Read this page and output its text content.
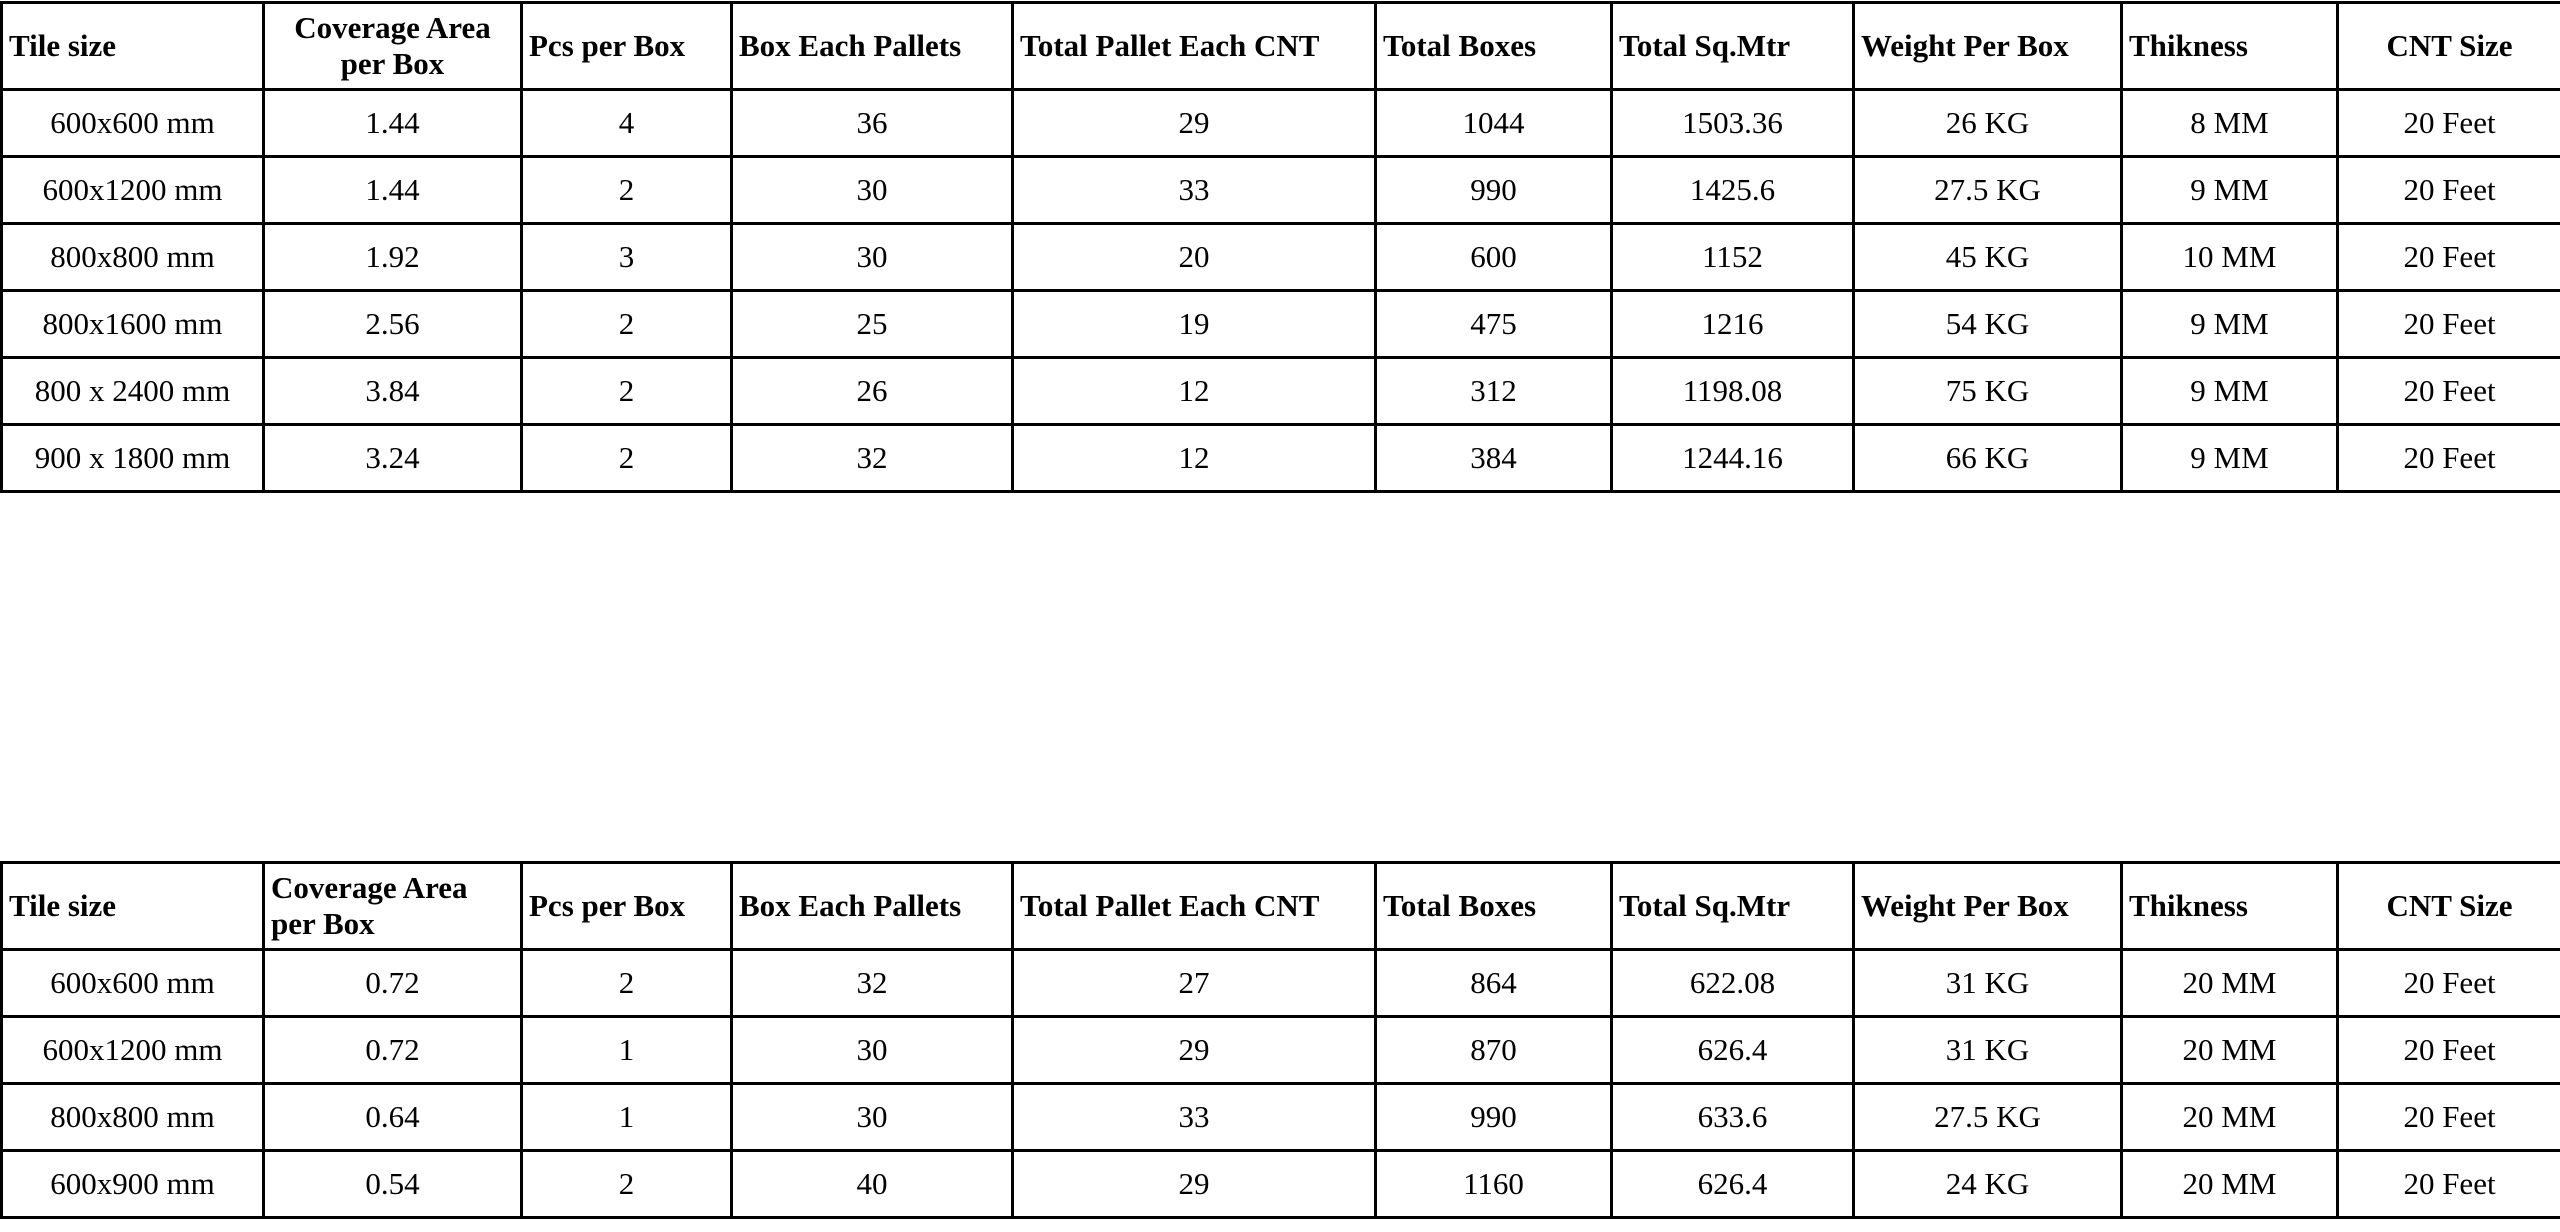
Tile size	Coverage Area per Box	Pcs per Box	Box Each Pallets	Total Pallet Each CNT	Total Boxes	Total Sq.Mtr	Weight Per Box	Thikness	CNT Size
600x600 mm	1.44	4	36	29	1044	1503.36	26 KG	8 MM	20 Feet
600x1200 mm	1.44	2	30	33	990	1425.6	27.5 KG	9 MM	20 Feet
800x800 mm	1.92	3	30	20	600	1152	45 KG	10 MM	20 Feet
800x1600 mm	2.56	2	25	19	475	1216	54 KG	9 MM	20 Feet
800 x 2400 mm	3.84	2	26	12	312	1198.08	75 KG	9 MM	20 Feet
900 x 1800 mm	3.24	2	32	12	384	1244.16	66 KG	9 MM	20 Feet
Tile size	Coverage Area per Box	Pcs per Box	Box Each Pallets	Total Pallet Each CNT	Total Boxes	Total Sq.Mtr	Weight Per Box	Thikness	CNT Size
600x600 mm	0.72	2	32	27	864	622.08	31 KG	20 MM	20 Feet
600x1200 mm	0.72	1	30	29	870	626.4	31 KG	20 MM	20 Feet
800x800 mm	0.64	1	30	33	990	633.6	27.5 KG	20 MM	20 Feet
600x900 mm	0.54	2	40	29	1160	626.4	24 KG	20 MM	20 Feet
